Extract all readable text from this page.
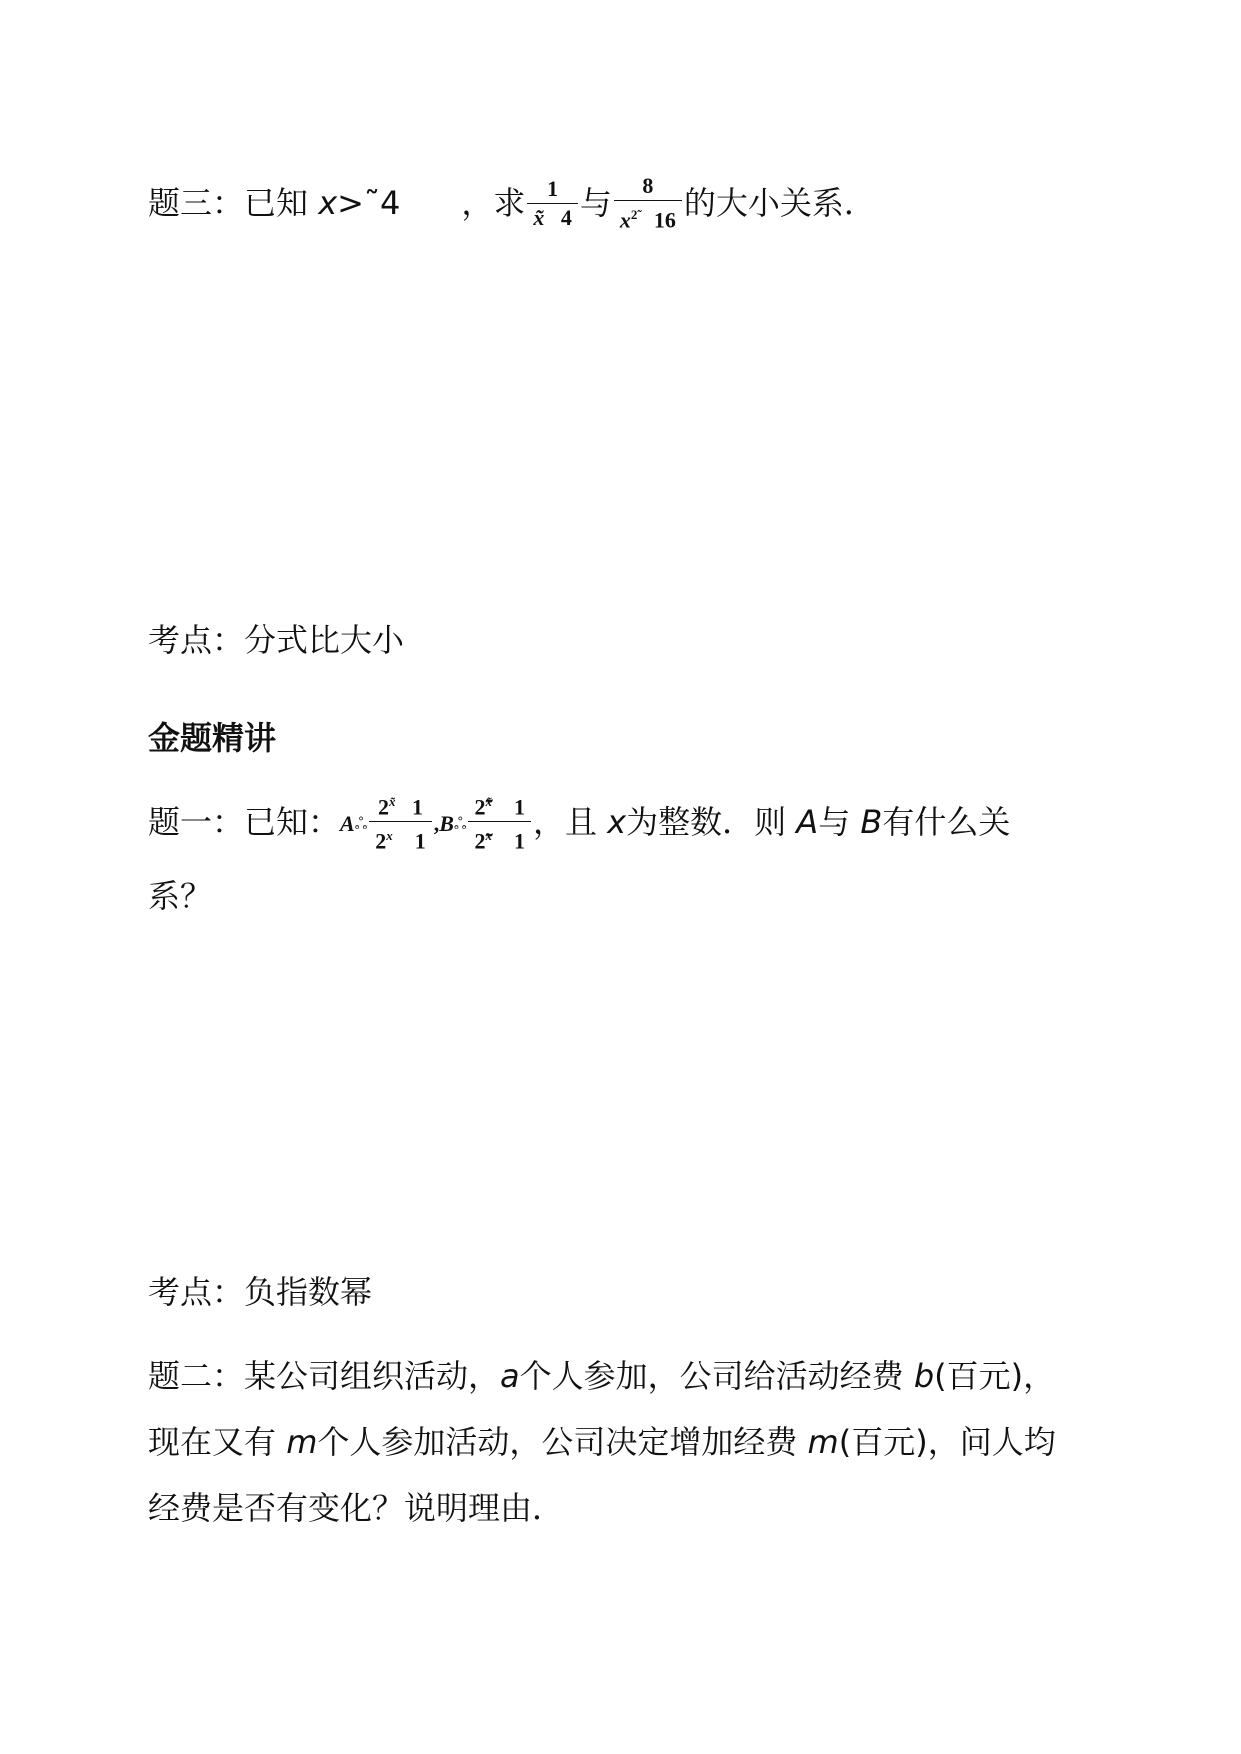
题三：已知 x>˜4      ，求 $\frac{1}{x̃ 4}$ 与 $\frac{8}{x^{2̃} 16}$ 的大小关系．
考点：分式比大小
金题精讲
题一：已知：Aஃ $\frac{2^{x̃} 1}{2^x 1}$ ,Bஃ $\frac{2̃^{x̃} 1}{2̃^x 1}$ ，且 x为整数．则 A与 B有什么关
系？
考点：负指数幂
题二：某公司组织活动，a个人参加，公司给活动经费 b(百元)，
现在又有 m个人参加活动，公司决定增加经费 m(百元)，问人均
经费是否有变化？说明理由．
